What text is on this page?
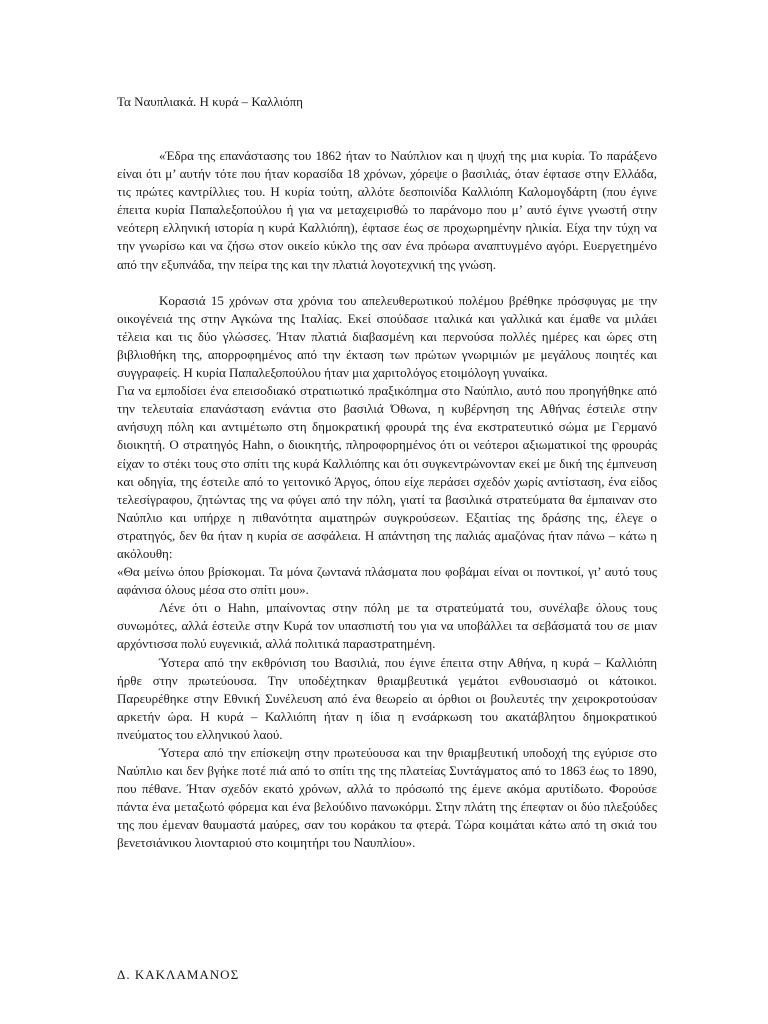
Τα Ναυπλιακά. Η κυρά – Καλλιόπη

«Έδρα της επανάστασης του 1862 ήταν το Ναύπλιον και η ψυχή της μια κυρία. Το παράξενο είναι ότι μ’ αυτήν τότε που ήταν κορασίδα 18 χρόνων, χόρεψε ο βασιλιάς, όταν έφτασε στην Ελλάδα, τις πρώτες καντρίλλιες του. Η κυρία τούτη, αλλότε δεσποινίδα Καλλιόπη Καλομογδάρτη (που έγινε έπειτα κυρία Παπαλεξοπούλου ή για να μεταχειρισθώ το παράνομο που μ’ αυτό έγινε γνωστή στην νεότερη ελληνική ιστορία η κυρά Καλλιόπη), έφτασε έως σε προχωρημένην ηλικία. Είχα την τύχη να την γνωρίσω και να ζήσω στον οικείο κύκλο της σαν ένα πρόωρα αναπτυγμένο αγόρι. Ευεργετημένο από την εξυπνάδα, την πείρα της και την πλατιά λογοτεχνική της γνώση.

Κορασιά 15 χρόνων στα χρόνια του απελευθερωτικού πολέμου βρέθηκε πρόσφυγας με την οικογένειά της στην Αγκώνα της Ιταλίας. Εκεί σπούδασε ιταλικά και γαλλικά και έμαθε να μιλάει τέλεια και τις δύο γλώσσες. Ήταν πλατιά διαβασμένη και περνούσα πολλές ημέρες και ώρες στη βιβλιοθήκη της, απορροφημένος από την έκταση των πρώτων γνωριμιών με μεγάλους ποιητές και συγγραφείς. Η κυρία Παπαλεξοπούλου ήταν μια χαριτολόγος ετοιμόλογη γυναίκα.

Για να εμποδίσει ένα επεισοδιακό στρατιωτικό πραξικόπημα στο Ναύπλιο, αυτό που προηγήθηκε από την τελευταία επανάσταση ενάντια στο βασιλιά Όθωνα, η κυβέρνηση της Αθήνας έστειλε στην ανήσυχη πόλη και αντιμέτωπο στη δημοκρατική φρουρά της ένα εκστρατευτικό σώμα με Γερμανό διοικητή. Ο στρατηγός Hahn, ο διοικητής, πληροφορημένος ότι οι νεότεροι αξιωματικοί της φρουράς είχαν το στέκι τους στο σπίτι της κυρά Καλλιόπης και ότι συγκεντρώνονταν εκεί με δική της έμπνευση και οδηγία, της έστειλε από το γειτονικό Άργος, όπου είχε περάσει σχεδόν χωρίς αντίσταση, ένα είδος τελεσίγραφου, ζητώντας της να φύγει από την πόλη, γιατί τα βασιλικά στρατεύματα θα έμπαιναν στο Ναύπλιο και υπήρχε η πιθανότητα αιματηρών συγκρούσεων. Εξαιτίας της δράσης της, έλεγε ο στρατηγός, δεν θα ήταν η κυρία σε ασφάλεια. Η απάντηση της παλιάς αμαζόνας ήταν πάνω – κάτω η ακόλουθη:

«Θα μείνω όπου βρίσκομαι. Τα μόνα ζωντανά πλάσματα που φοβάμαι είναι οι ποντικοί, γι’ αυτό τους αφάνισα όλους μέσα στο σπίτι μου».

Λένε ότι ο Hahn, μπαίνοντας στην πόλη με τα στρατεύματά του, συνέλαβε όλους τους συνωμότες, αλλά έστειλε στην Κυρά τον υπασπιστή του για να υποβάλλει τα σεβάσματά του σε μιαν αρχόντισσα πολύ ευγενικιά, αλλά πολιτικά παραστρατημένη.

Ύστερα από την εκθρόνιση του Βασιλιά, που έγινε έπειτα στην Αθήνα, η κυρά – Καλλιόπη ήρθε στην πρωτεύουσα. Την υποδέχτηκαν θριαμβευτικά γεμάτοι ενθουσιασμό οι κάτοικοι. Παρευρέθηκε στην Εθνική Συνέλευση από ένα θεωρείο αι όρθιοι οι βουλευτές την χειροκροτούσαν αρκετήν ώρα. Η κυρά – Καλλιόπη ήταν η ίδια η ενσάρκωση του ακατάβλητου δημοκρατικού πνεύματος του ελληνικού λαού.

Ύστερα από την επίσκεψη στην πρωτεύουσα και την θριαμβευτική υποδοχή της εγύρισε στο Ναύπλιο και δεν βγήκε ποτέ πιά από το σπίτι της της πλατείας Συντάγματος από το 1863 έως το 1890, που πέθανε. Ήταν σχεδόν εκατό χρόνων, αλλά το πρόσωπό της έμενε ακόμα αρυτίδωτο. Φορούσε πάντα ένα μεταξωτό φόρεμα και ένα βελούδινο πανωκόρμι. Στην πλάτη της έπεφταν οι δύο πλεξούδες της που έμεναν θαυμαστά μαύρες, σαν του κοράκου τα φτερά. Τώρα κοιμάται κάτω από τη σκιά του βενετσιάνικου λιονταριού στο κοιμητήρι του Ναυπλίου».

Δ. ΚΑΚΛΑΜΑΝΟΣ
